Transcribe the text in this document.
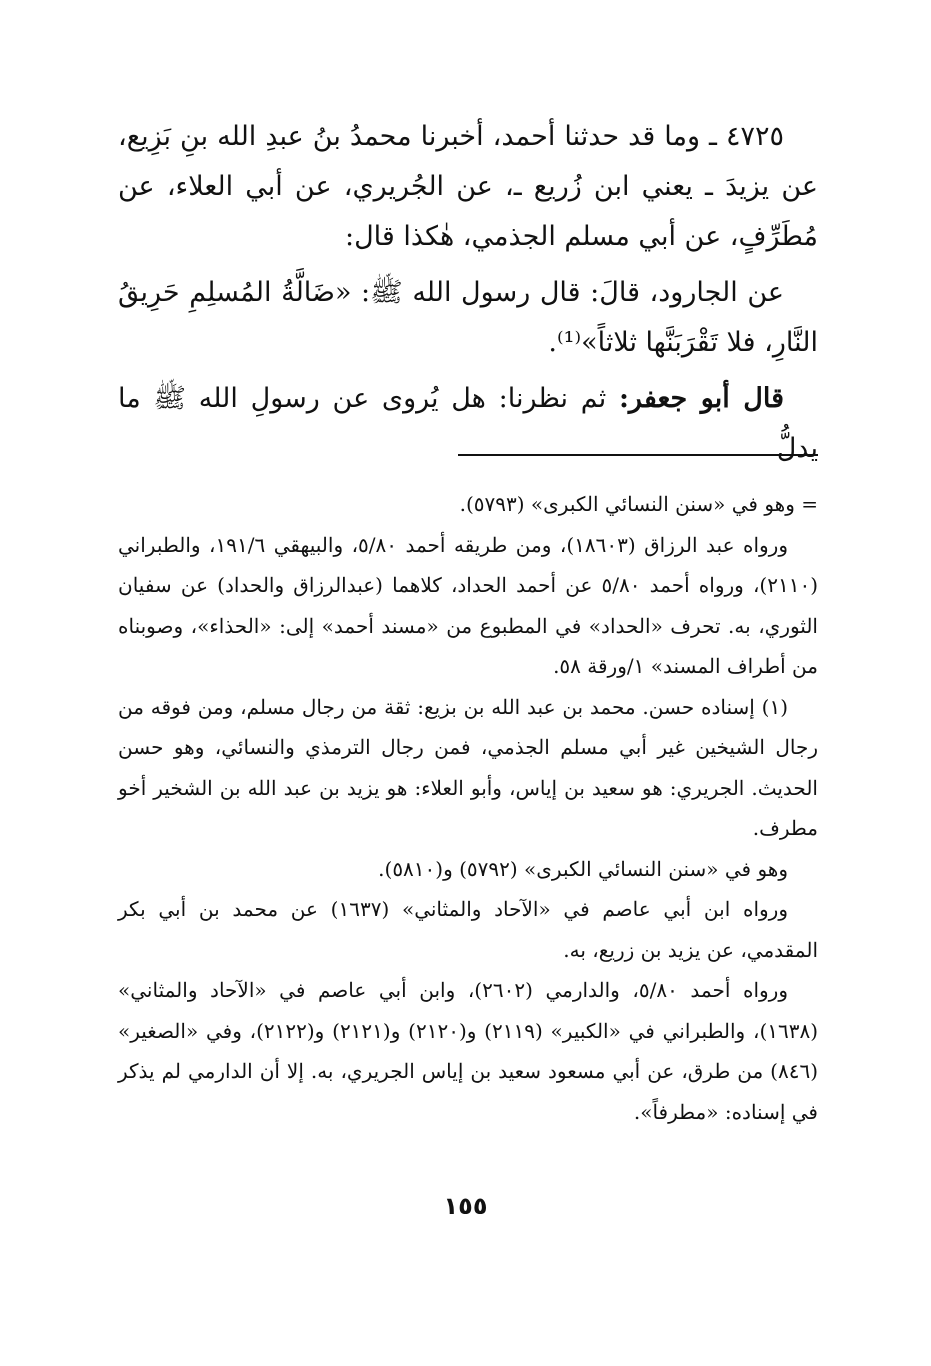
٤٧٢٥ ـ وما قد حدثنا أحمد، أخبرنا محمدُ بنُ عبدِ الله بنِ بَزِيع، عن يزيدَ ـ يعني ابن زُريع ـ، عن الجُريري، عن أبي العلاء، عن مُطَرِّفٍ، عن أبي مسلم الجذمي، هٰكذا قال:

عن الجارود، قالَ: قال رسول الله ﷺ: «ضَالَّةُ المُسلِمِ حَرِيقُ النَّارِ، فلا تَقْرَبَنَّها ثلاثاً»⁽¹⁾.

قال أبو جعفر: ثم نظرنا: هل يُروى عن رسولِ الله ﷺ ما يدلُّ

= وهو في «سنن النسائي الكبرى» (٥٧٩٣).

ورواه عبد الرزاق (١٨٦٠٣)، ومن طريقه أحمد ٥/٨٠، والبيهقي ١٩١/٦، والطبراني (٢١١٠)، ورواه أحمد ٥/٨٠ عن أحمد الحداد، كلاهما (عبدالرزاق والحداد) عن سفيان الثوري، به. تحرف «الحداد» في المطبوع من «مسند أحمد» إلى: «الحذاء»، وصوبناه من أطراف المسند» ١/ورقة ٥٨.

(١) إسناده حسن. محمد بن عبد الله بن بزيع: ثقة من رجال مسلم، ومن فوقه من رجال الشيخين غير أبي مسلم الجذمي، فمن رجال الترمذي والنسائي، وهو حسن الحديث. الجريري: هو سعيد بن إياس، وأبو العلاء: هو يزيد بن عبد الله بن الشخير أخو مطرف.

وهو في «سنن النسائي الكبرى» (٥٧٩٢) و(٥٨١٠).

ورواه ابن أبي عاصم في «الآحاد والمثاني» (١٦٣٧) عن محمد بن أبي بكر المقدمي، عن يزيد بن زريع، به.

ورواه أحمد ٥/٨٠، والدارمي (٢٦٠٢)، وابن أبي عاصم في «الآحاد والمثاني» (١٦٣٨)، والطبراني في «الكبير» (٢١١٩) و(٢١٢٠) و(٢١٢١) و(٢١٢٢)، وفي «الصغير» (٨٤٦) من طرق، عن أبي مسعود سعيد بن إياس الجريري، به. إلا أن الدارمي لم يذكر في إسناده: «مطرفاً».

١٥٥
